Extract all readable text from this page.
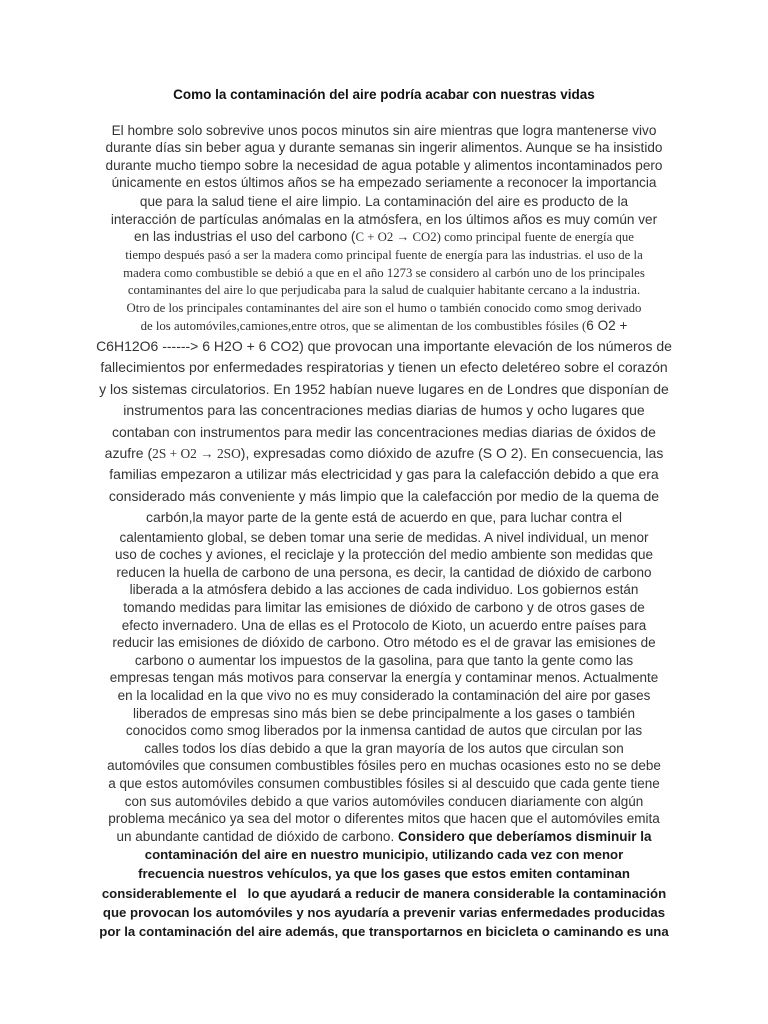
Como la contaminación del aire podría acabar con nuestras vidas
El hombre solo sobrevive unos pocos minutos sin aire mientras que logra mantenerse vivo
durante días sin beber agua y durante semanas sin ingerir alimentos. Aunque se ha insistido
durante mucho tiempo sobre la necesidad de agua potable y alimentos incontaminados pero
únicamente en estos últimos años se ha empezado seriamente a reconocer la importancia
que para la salud tiene el aire limpio. La contaminación del aire es producto de la
interacción de partículas anómalas en la atmósfera, en los últimos años es muy común ver
en las industrias el uso del carbono (C + O2 → CO2) como principal fuente de energía que
tiempo después pasó a ser la madera como principal fuente de energía para las industrias. el uso de la
madera como combustible se debió a que en el año 1273 se considero al carbón uno de los principales
contaminantes del aire lo que perjudicaba para la salud de cualquier habitante cercano a la industria.
Otro de los principales contaminantes del aire son el humo o también conocido como smog derivado
de los automóviles,camiones,entre otros, que se alimentan de los combustibles fósiles (6 O2 +
C6H12O6 ------> 6 H2O + 6 CO2) que provocan una importante elevación de los números de
fallecimientos por enfermedades respiratorias y tienen un efecto deletéreo sobre el corazón
y los sistemas circulatorios. En 1952 habían nueve lugares en de Londres que disponían de
instrumentos para las concentraciones medias diarias de humos y ocho lugares que
contaban con instrumentos para medir las concentraciones medias diarias de óxidos de
azufre (2S + O2 → 2SO), expresadas como dióxido de azufre (S O 2). En consecuencia, las
familias empezaron a utilizar más electricidad y gas para la calefacción debido a que era
considerado más conveniente y más limpio que la calefacción por medio de la quema de
carbón,la mayor parte de la gente está de acuerdo en que, para luchar contra el
calentamiento global, se deben tomar una serie de medidas. A nivel individual, un menor
uso de coches y aviones, el reciclaje y la protección del medio ambiente son medidas que
reducen la huella de carbono de una persona, es decir, la cantidad de dióxido de carbono
liberada a la atmósfera debido a las acciones de cada individuo. Los gobiernos están
tomando medidas para limitar las emisiones de dióxido de carbono y de otros gases de
efecto invernadero. Una de ellas es el Protocolo de Kioto, un acuerdo entre países para
reducir las emisiones de dióxido de carbono. Otro método es el de gravar las emisiones de
carbono o aumentar los impuestos de la gasolina, para que tanto la gente como las
empresas tengan más motivos para conservar la energía y contaminar menos. Actualmente
en la localidad en la que vivo no es muy considerado la contaminación del aire por gases
liberados de empresas sino más bien se debe principalmente a los gases o también
conocidos como smog liberados por la inmensa cantidad de autos que circulan por las
calles todos los días debido a que la gran mayoría de los autos que circulan son
automóviles que consumen combustibles fósiles pero en muchas ocasiones esto no se debe
a que estos automóviles consumen combustibles fósiles si al descuido que cada gente tiene
con sus automóviles debido a que varios automóviles conducen diariamente con algún
problema mecánico ya sea del motor o diferentes mitos que hacen que el automóviles emita
un abundante cantidad de dióxido de carbono. Considero que deberíamos disminuir la
contaminación del aire en nuestro municipio, utilizando cada vez con menor
frecuencia nuestros vehículos, ya que los gases que estos emiten contaminan
considerablemente el   lo que ayudará a reducir de manera considerable la contaminación
que provocan los automóviles y nos ayudaría a prevenir varias enfermedades producidas
por la contaminación del aire además, que transportarnos en bicicleta o caminando es una
